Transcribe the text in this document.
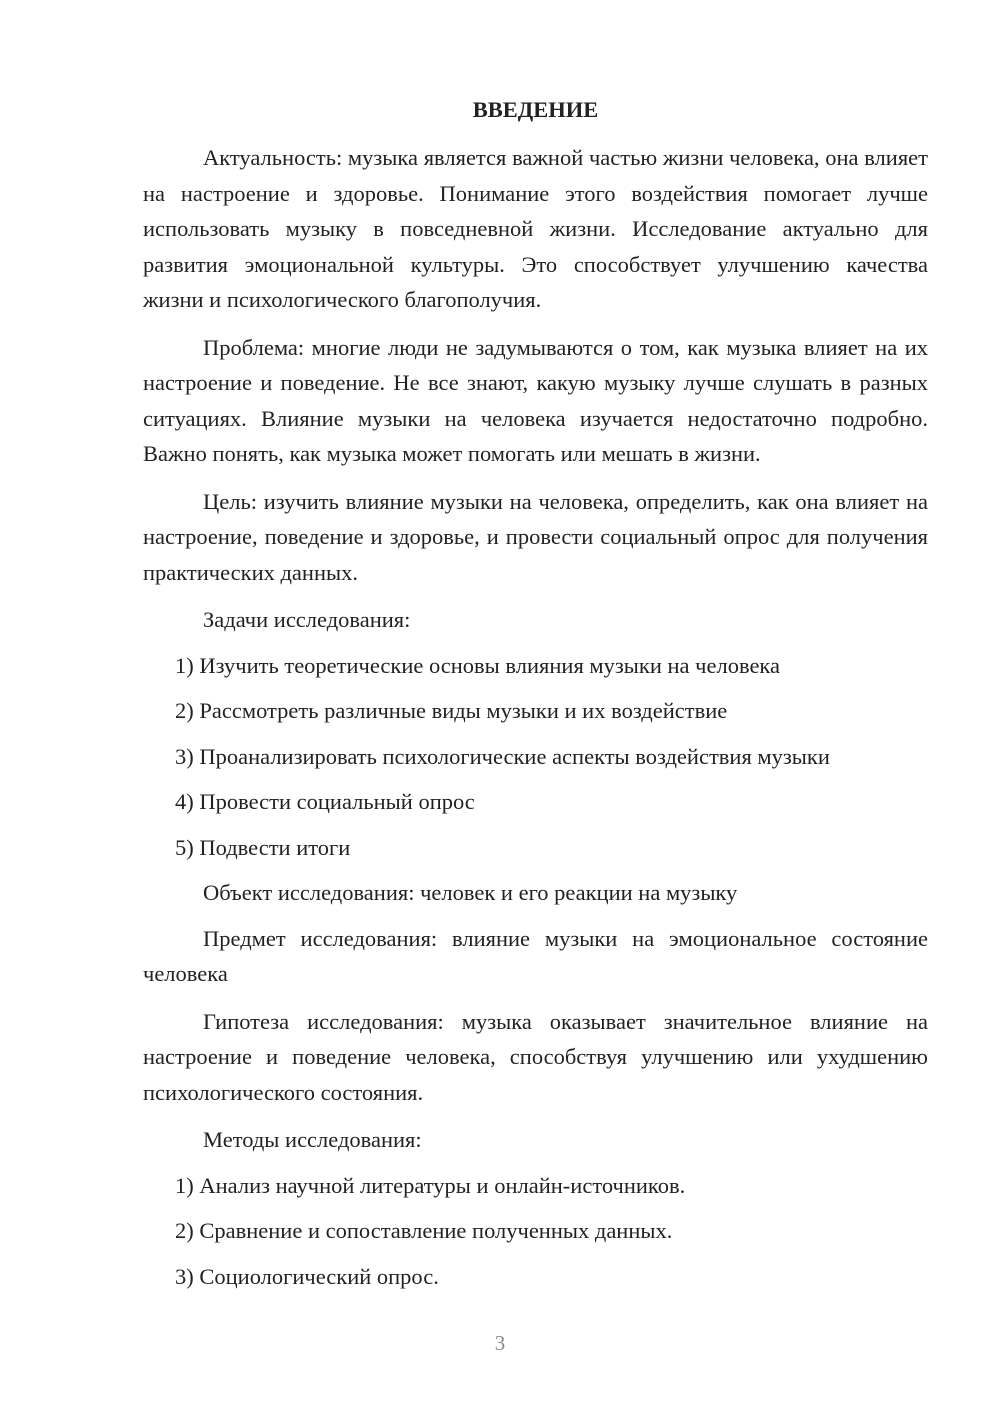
ВВЕДЕНИЕ

Актуальность: музыка является важной частью жизни человека, она влияет на настроение и здоровье. Понимание этого воздействия помогает лучше использовать музыку в повседневной жизни. Исследование актуально для развития эмоциональной культуры. Это способствует улучшению качества жизни и психологического благополучия.

Проблема: многие люди не задумываются о том, как музыка влияет на их настроение и поведение. Не все знают, какую музыку лучше слушать в разных ситуациях. Влияние музыки на человека изучается недостаточно подробно. Важно понять, как музыка может помогать или мешать в жизни.

Цель: изучить влияние музыки на человека, определить, как она влияет на настроение, поведение и здоровье, и провести социальный опрос для получения практических данных.

Задачи исследования:
1) Изучить теоретические основы влияния музыки на человека
2) Рассмотреть различные виды музыки и их воздействие
3) Проанализировать психологические аспекты воздействия музыки
4) Провести социальный опрос
5) Подвести итоги
Объект исследования: человек и его реакции на музыку

Предмет исследования: влияние музыки на эмоциональное состояние человека

Гипотеза исследования: музыка оказывает значительное влияние на настроение и поведение человека, способствуя улучшению или ухудшению психологического состояния.

Методы исследования:
1) Анализ научной литературы и онлайн-источников.
2) Сравнение и сопоставление полученных данных.
3) Социологический опрос.
3
